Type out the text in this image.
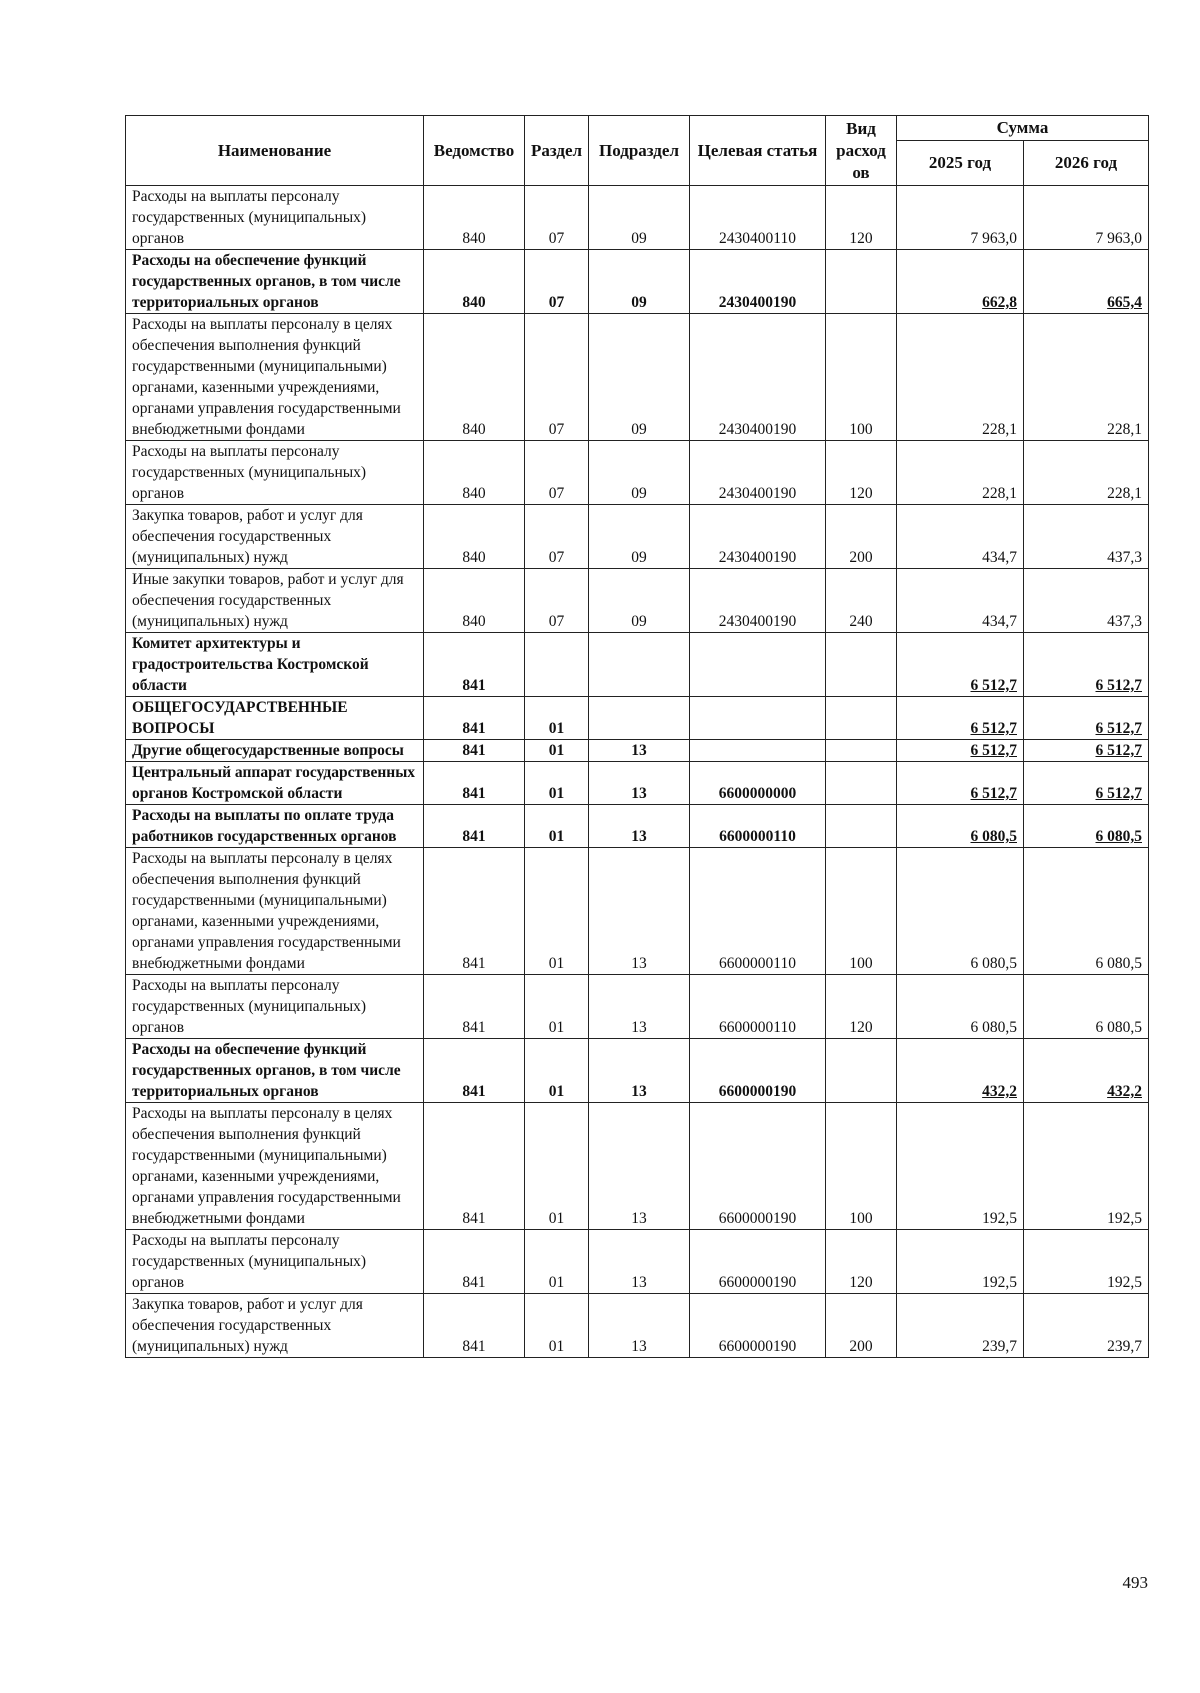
Наименование	Ведомство	Раздел	Подраздел	Целевая статья	Вид расход ов	Сумма	
						2025 год	2026 год
Расходы на выплаты персоналу государственных (муниципальных) органов	840	07	09	2430400110	120	7 963,0	7 963,0
Расходы на обеспечение функций государственных органов, в том числе территориальных органов	840	07	09	2430400190		662,8	665,4
Расходы на выплаты персоналу в целях обеспечения выполнения функций государственными (муниципальными) органами, казенными учреждениями, органами управления государственными внебюджетными фондами	840	07	09	2430400190	100	228,1	228,1
Расходы на выплаты персоналу государственных (муниципальных) органов	840	07	09	2430400190	120	228,1	228,1
Закупка товаров, работ и услуг для обеспечения государственных (муниципальных) нужд	840	07	09	2430400190	200	434,7	437,3
Иные закупки товаров, работ и услуг для обеспечения государственных (муниципальных) нужд	840	07	09	2430400190	240	434,7	437,3
Комитет архитектуры и градостроительства Костромской области	841					6 512,7	6 512,7
ОБЩЕГОСУДАРСТВЕННЫЕ ВОПРОСЫ	841	01				6 512,7	6 512,7
Другие общегосударственные вопросы	841	01	13			6 512,7	6 512,7
Центральный аппарат государственных органов Костромской области	841	01	13	6600000000		6 512,7	6 512,7
Расходы на выплаты по оплате труда работников государственных органов	841	01	13	6600000110		6 080,5	6 080,5
Расходы на выплаты персоналу в целях обеспечения выполнения функций государственными (муниципальными) органами, казенными учреждениями, органами управления государственными внебюджетными фондами	841	01	13	6600000110	100	6 080,5	6 080,5
Расходы на выплаты персоналу государственных (муниципальных) органов	841	01	13	6600000110	120	6 080,5	6 080,5
Расходы на обеспечение функций государственных органов, в том числе территориальных органов	841	01	13	6600000190		432,2	432,2
Расходы на выплаты персоналу в целях обеспечения выполнения функций государственными (муниципальными) органами, казенными учреждениями, органами управления государственными внебюджетными фондами	841	01	13	6600000190	100	192,5	192,5
Расходы на выплаты персоналу государственных (муниципальных) органов	841	01	13	6600000190	120	192,5	192,5
Закупка товаров, работ и услуг для обеспечения государственных (муниципальных) нужд	841	01	13	6600000190	200	239,7	239,7
493
